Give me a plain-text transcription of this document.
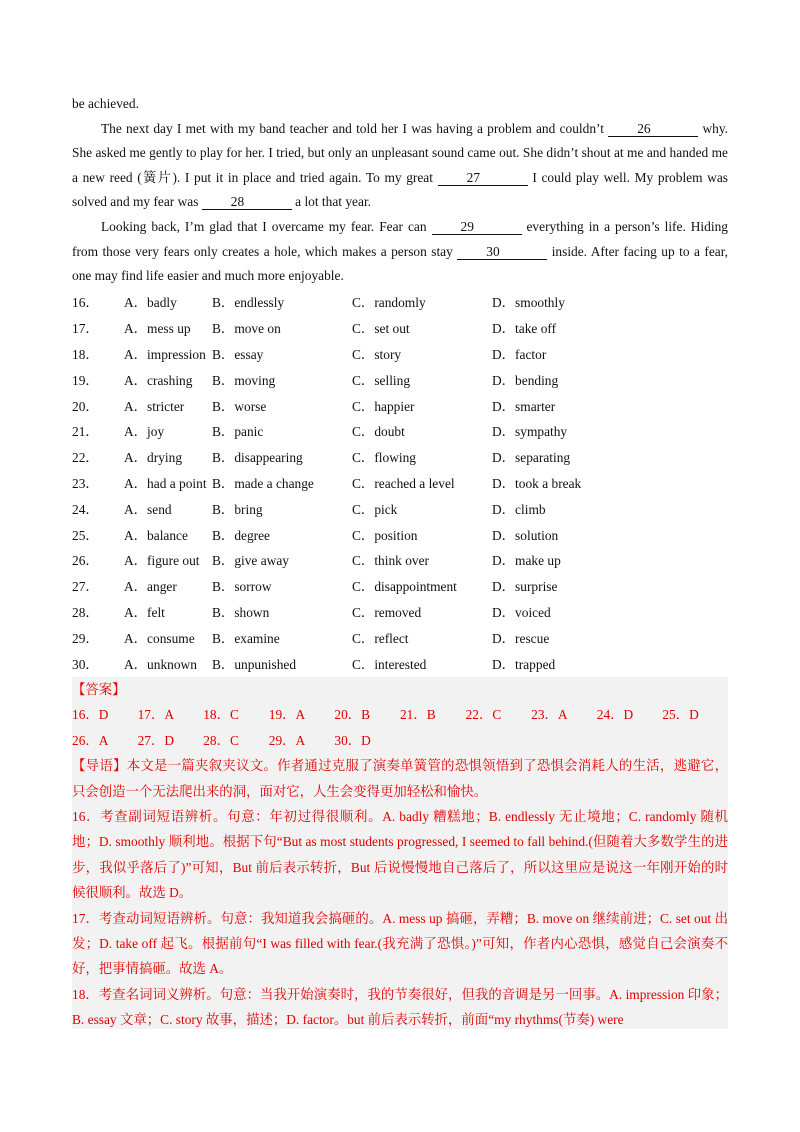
be achieved.

The next day I met with my band teacher and told her I was having a problem and couldn’t 26	why. She asked me gently to play for her. I tried, but only an unpleasant sound came out. She didn’t shout at me and handed me a new reed (簧片). I put it in place and tried again. To my great	27	I could play well. My problem was solved and my fear was 28	a lot that year.

Looking back, I’m glad that I overcame my fear. Fear can	29	everything in a person’s life. Hiding from those very fears only creates a hole, which makes a person stay 30	inside. After facing up to a fear, one may find life easier and much more enjoyable.

16．	A．badly	B．endlessly	C．randomly	D．smoothly
17．	A．mess up	B．move on	C．set out	D．take off
18．	A．impression B．essay	C．story	D．factor
19．	A．crashing	B．moving	C．selling	D．bending
20．	A．stricter	B．worse	C．happier	D．smarter
21．	A．joy	B．panic	C．doubt	D．sympathy
22．	A．drying	B．disappearing	C．flowing	D．separating
23．	A．had a point B．made a change	C．reached a level	D．took a break
24．	A．send	B．bring	C．pick	D．climb
25．	A．balance	B．degree	C．position	D．solution
26．	A．figure out B．give away	C．think over	D．make up
27．	A．anger	B．sorrow	C．disappointment	D．surprise
28．	A．felt	B．shown	C．removed	D．voiced
29．	A．consume	B．examine	C．reflect	D．rescue
30．	A．unknown	B．unpunished	C．interested	D．trapped

【答案】

16．D	17．A	18．C	19．A	20．B	21．B	22．C	23．A	24．D	25．D
26．A	27．D	28．C	29．A	30．D

【导语】本文是一篇夹叙夹议文。作者通过克服了演奏单簧管的恐惧领悟到了恐惧会消耗人的生活，逃避它，只会创造一个无法爬出来的洞，面对它，人生会变得更加轻松和愉快。

16．考查副词短语辨析。句意：年初过得很顺利。A. badly 糟糕地；B. endlessly 无止境地；C. randomly 随机地；D. smoothly 顺利地。根据下句“But as most students progressed, I seemed to fall behind.(但随着大多数学生的进步，我似乎落后了)”可知，But 前后表示转折，But 后说慢慢地自己落后了，所以这里应是说这一年刚开始的时候很顺利。故选 D。

17．考查动词短语辨析。句意：我知道我会搞砸的。A. mess up 搞砸，弄糟；B. move on 继续前进；C. set out 出发；D. take off 起飞。根据前句“I was filled with fear.(我充满了恐惧。)”可知，作者内心恐惧，感觉自己会演奏不好，把事情搞砸。故选 A。

18．考查名词词义辨析。句意：当我开始演奏时，我的节奏很好，但我的音调是另一回事。A. impression 印象；B. essay 文章；C. story 故事，描述；D. factor。but 前后表示转折，前面“my rhythms(节奏) were
